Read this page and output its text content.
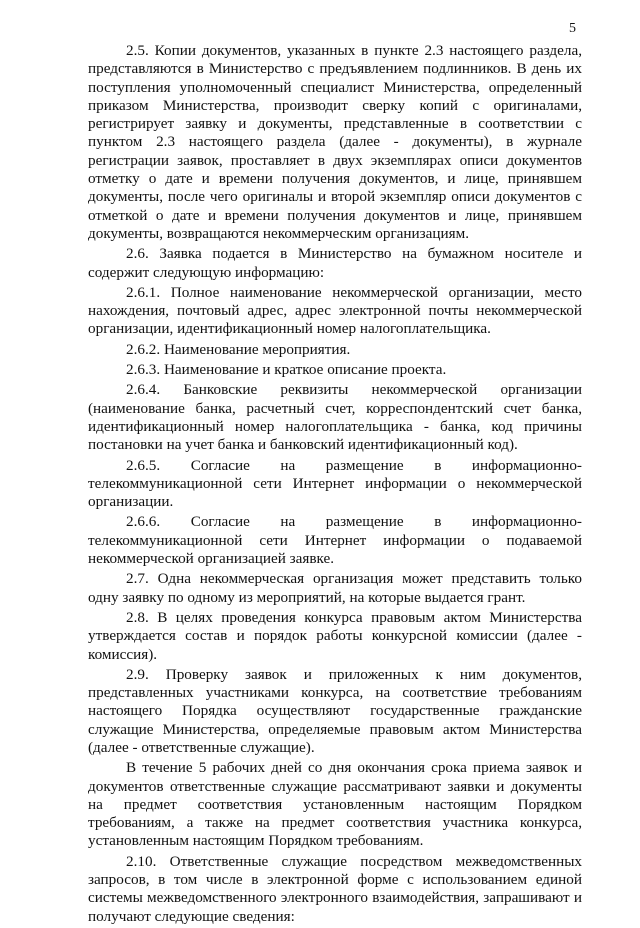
5

2.5. Копии документов, указанных в пункте 2.3 настоящего раздела, представляются в Министерство с предъявлением подлинников. В день их поступления уполномоченный специалист Министерства, определенный приказом Министерства, производит сверку копий с оригиналами, регистрирует заявку и документы, представленные в соответствии с пунктом 2.3 настоящего раздела (далее - документы), в журнале регистрации заявок, проставляет в двух экземплярах описи документов отметку о дате и времени получения документов, и лице, принявшем документы, после чего оригиналы и второй экземпляр описи документов с отметкой о дате и времени получения документов и лице, принявшем документы, возвращаются некоммерческим организациям.

2.6. Заявка подается в Министерство на бумажном носителе и содержит следующую информацию:

2.6.1. Полное наименование некоммерческой организации, место нахождения, почтовый адрес, адрес электронной почты некоммерческой организации, идентификационный номер налогоплательщика.

2.6.2. Наименование мероприятия.

2.6.3. Наименование и краткое описание проекта.

2.6.4. Банковские реквизиты некоммерческой организации (наименование банка, расчетный счет, корреспондентский счет банка, идентификационный номер налогоплательщика - банка, код причины постановки на учет банка и банковский идентификационный код).

2.6.5. Согласие на размещение в информационно-телекоммуникационной сети Интернет информации о некоммерческой организации.

2.6.6. Согласие на размещение в информационно-телекоммуникационной сети Интернет информации о подаваемой некоммерческой организацией заявке.

2.7. Одна некоммерческая организация может представить только одну заявку по одному из мероприятий, на которые выдается грант.

2.8. В целях проведения конкурса правовым актом Министерства утверждается состав и порядок работы конкурсной комиссии (далее - комиссия).

2.9. Проверку заявок и приложенных к ним документов, представленных участниками конкурса, на соответствие требованиям настоящего Порядка осуществляют государственные гражданские служащие Министерства, определяемые правовым актом Министерства (далее - ответственные служащие).

В течение 5 рабочих дней со дня окончания срока приема заявок и документов ответственные служащие рассматривают заявки и документы на предмет соответствия установленным настоящим Порядком требованиям, а также на предмет соответствия участника конкурса, установленным настоящим Порядком требованиям.

2.10. Ответственные служащие посредством межведомственных запросов, в том числе в электронной форме с использованием единой системы межведомственного электронного взаимодействия, запрашивают и получают следующие сведения:
